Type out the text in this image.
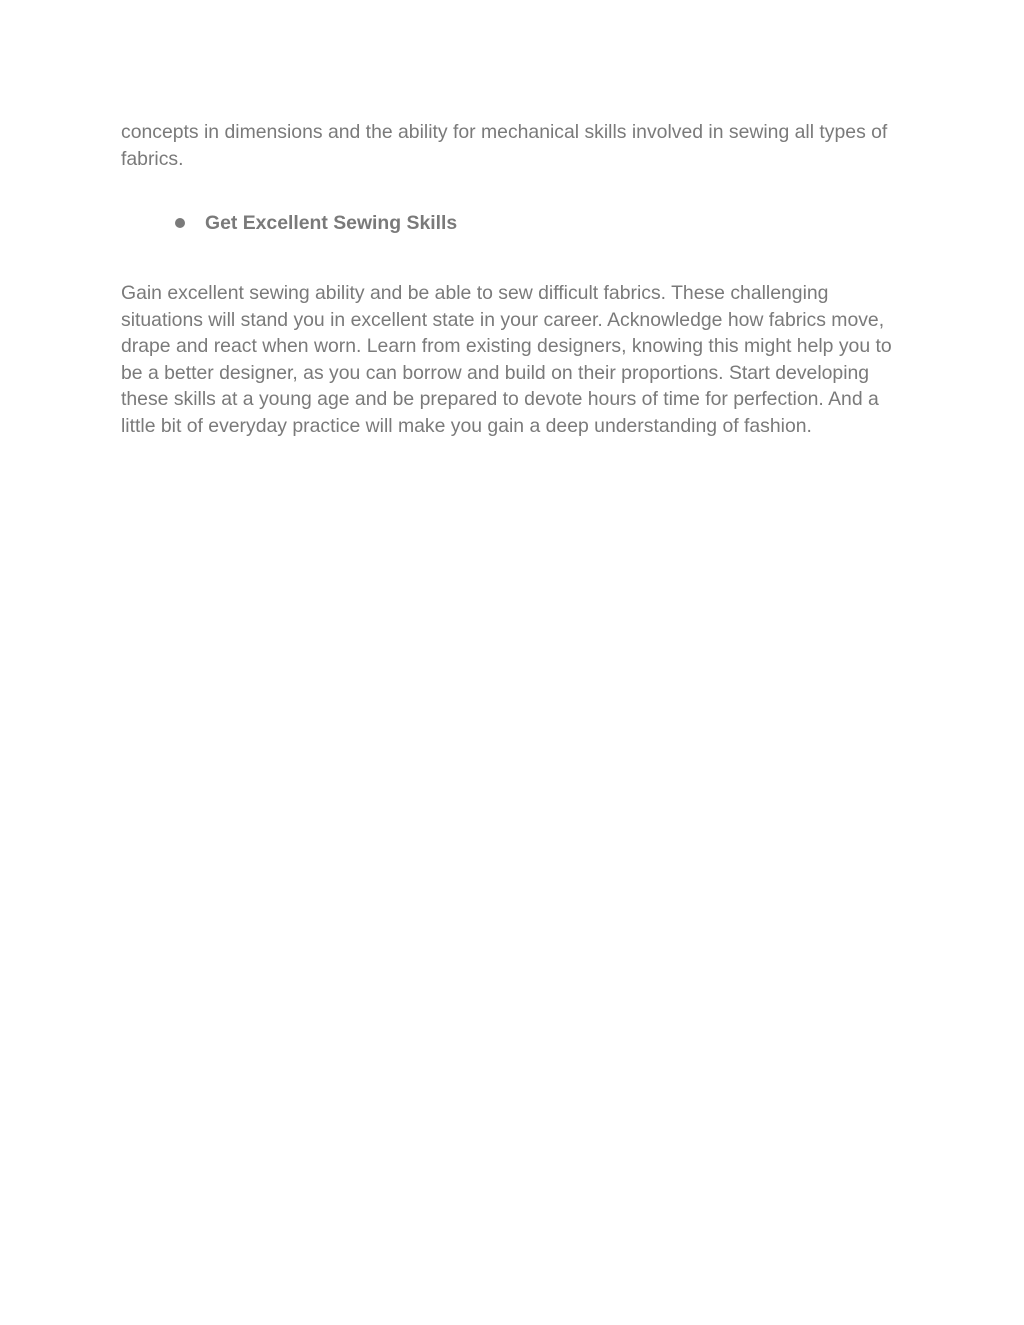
concepts in dimensions and the ability for mechanical skills involved in sewing all types of fabrics.

Get Excellent Sewing Skills

Gain excellent sewing ability and be able to sew difficult fabrics. These challenging situations will stand you in excellent state in your career. Acknowledge how fabrics move, drape and react when worn. Learn from existing designers, knowing this might help you to be a better designer, as you can borrow and build on their proportions. Start developing these skills at a young age and be prepared to devote hours of time for perfection. And a little bit of everyday practice will make you gain a deep understanding of fashion.
